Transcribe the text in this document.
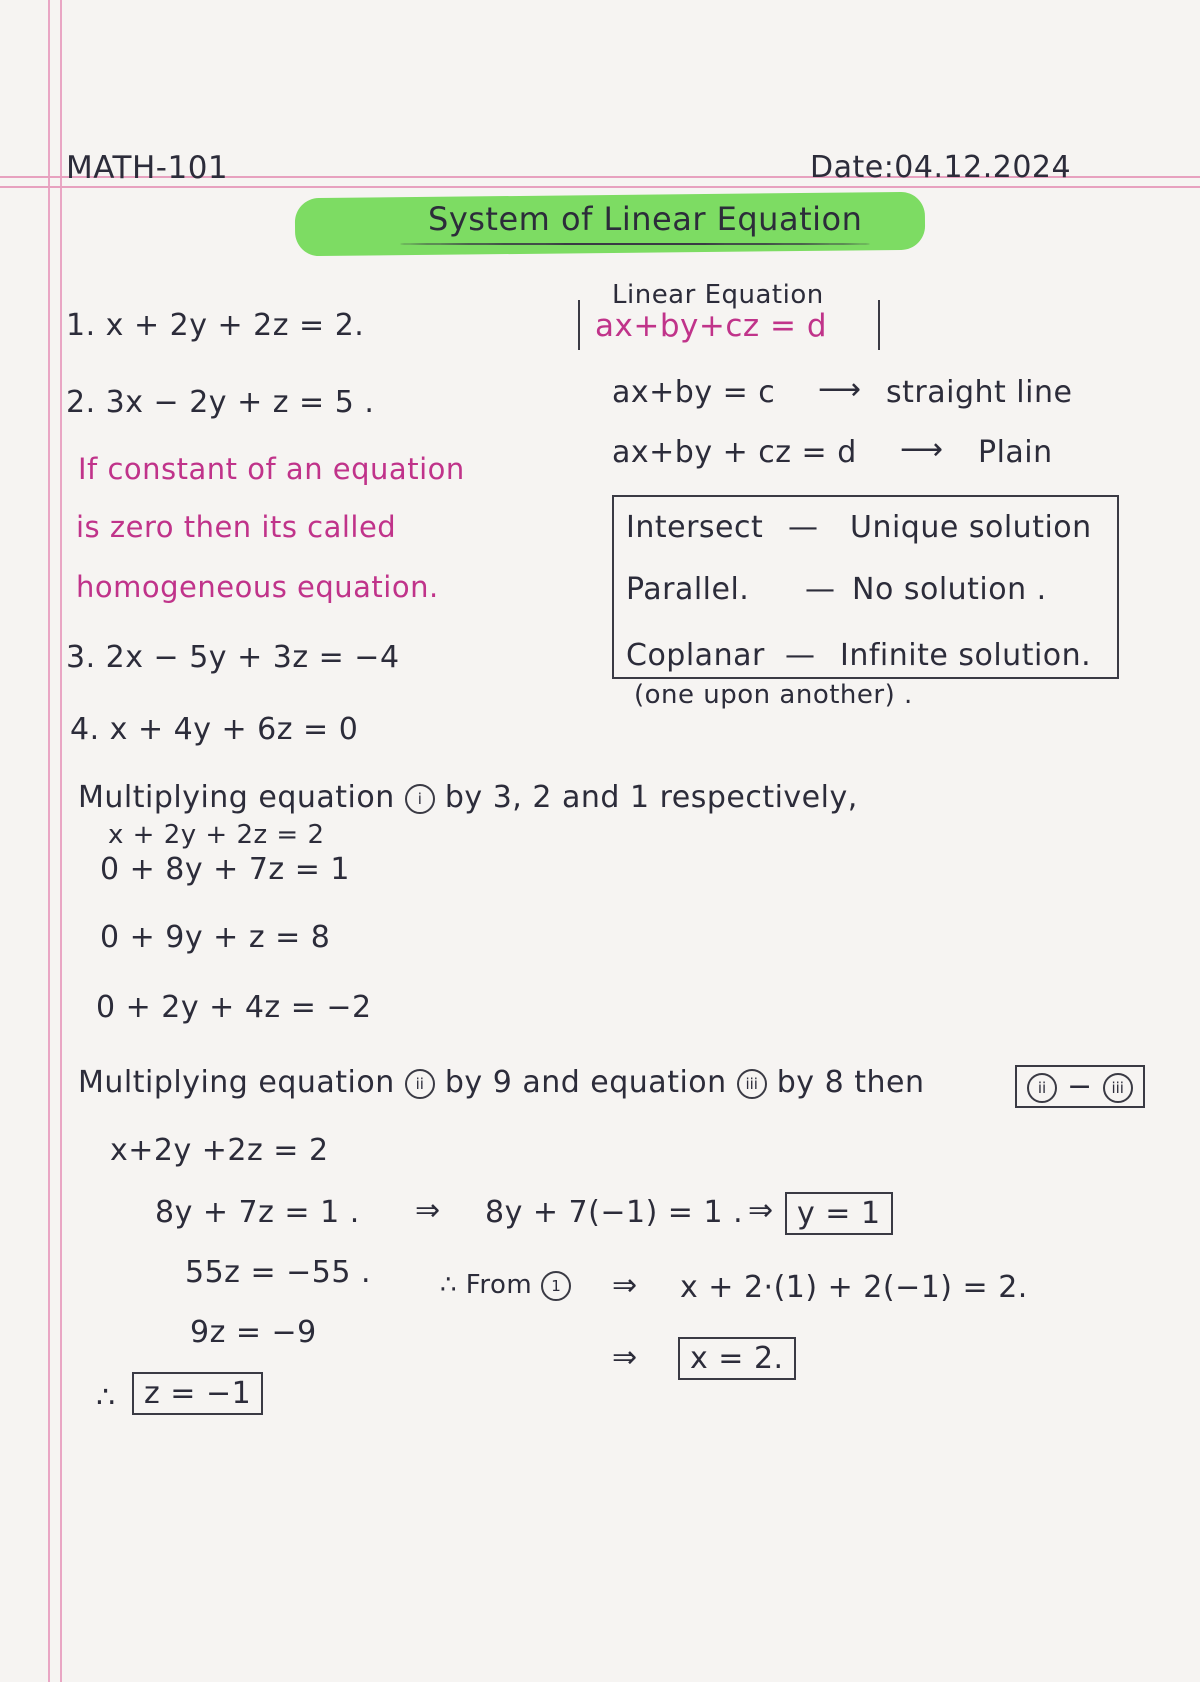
MATH-101	Date:04.12.2024
System of Linear Equation
1. x + 2y + 2z = 2.
2. 3x − 2y + z = 5 .
If constant of an equation
is zero then its called
homogeneous equation.
3. 2x − 5y + 3z = −4
4. x + 4y + 6z = 0
Linear Equation
ax+by+cz = d
ax+by = c ⟶ straight line
ax+by + cz = d ⟶ Plain
Intersect — Unique solution
Parallel. — No solution .
Coplanar — Infinite solution.
(one upon another) .
Multiplying equation i by 3, 2 and 1 respectively,
x + 2y + 2z = 2
0 + 8y + 7z = 1
0 + 9y + z = 8
0 + 2y + 4z = −2
Multiplying equation ii by 9 and equation iii by 8 then	ii − iii
x+2y +2z = 2
8y + 7z = 1 .
55z = −55 .
9z = −9
⇒ 8y + 7(−1) = 1 . ⇒ y = 1
∴ From 1	⇒ x + 2·(1) + 2(−1) = 2.
⇒	x = 2.
∴ z = −1
